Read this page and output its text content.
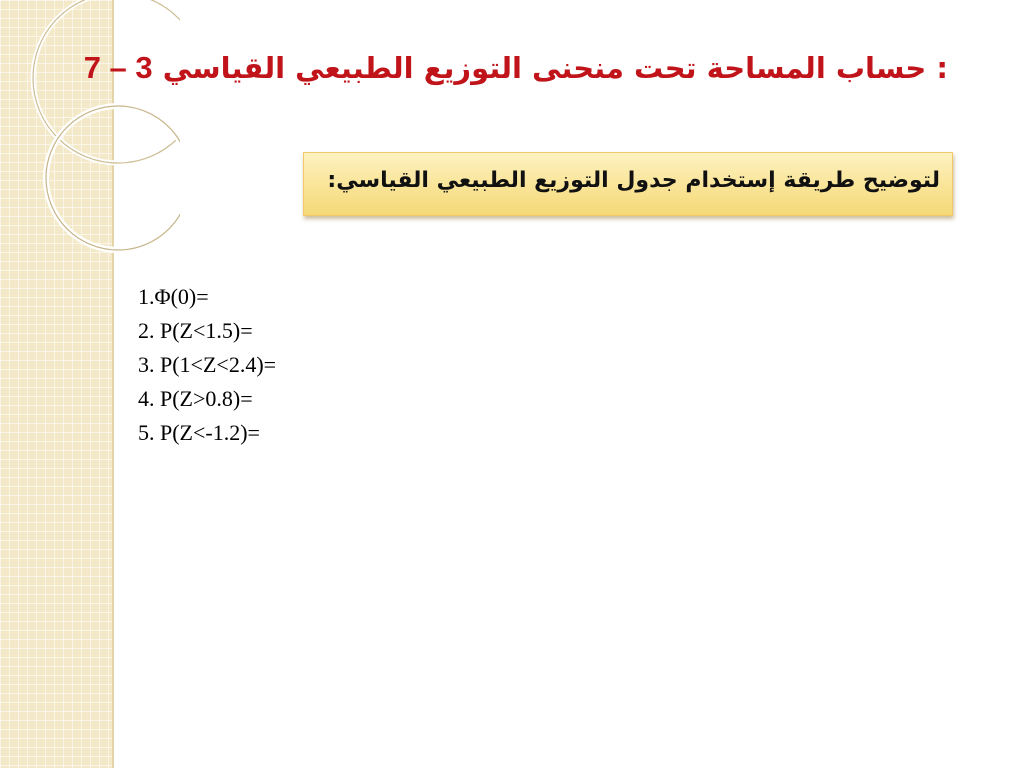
: حساب المساحة تحت منحنى التوزيع الطبيعي القياسي 7 – 3
لتوضيح طريقة إستخدام جدول التوزيع الطبيعي القياسي:
1.Φ(0)=
2. P(Z<1.5)=
3. P(1<Z<2.4)=
4. P(Z>0.8)=
5. P(Z<-1.2)=
